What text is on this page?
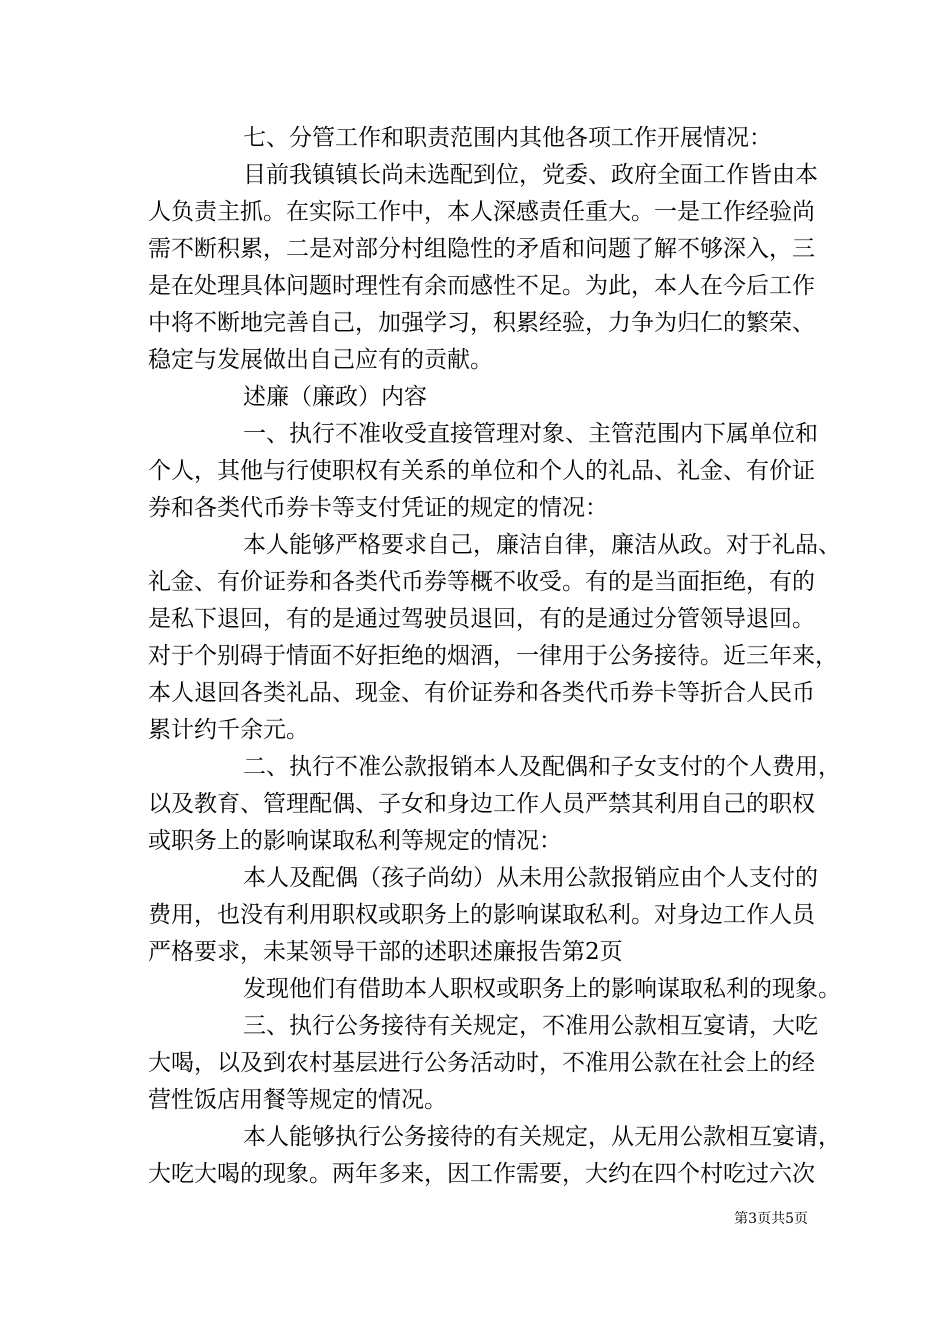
七、分管工作和职责范围内其他各项工作开展情况：
目前我镇镇长尚未选配到位，党委、政府全面工作皆由本
人负责主抓。在实际工作中，本人深感责任重大。一是工作经验尚
需不断积累，二是对部分村组隐性的矛盾和问题了解不够深入，三
是在处理具体问题时理性有余而感性不足。为此，本人在今后工作
中将不断地完善自己，加强学习，积累经验，力争为归仁的繁荣、
稳定与发展做出自己应有的贡献。
述廉（廉政）内容
一、执行不准收受直接管理对象、主管范围内下属单位和
个人，其他与行使职权有关系的单位和个人的礼品、礼金、有价证
券和各类代币券卡等支付凭证的规定的情况：
本人能够严格要求自己，廉洁自律，廉洁从政。对于礼品、
礼金、有价证券和各类代币券等概不收受。有的是当面拒绝，有的
是私下退回，有的是通过驾驶员退回，有的是通过分管领导退回。
对于个别碍于情面不好拒绝的烟酒，一律用于公务接待。近三年来，
本人退回各类礼品、现金、有价证券和各类代币券卡等折合人民币
累计约千余元。
二、执行不准公款报销本人及配偶和子女支付的个人费用，
以及教育、管理配偶、子女和身边工作人员严禁其利用自己的职权
或职务上的影响谋取私利等规定的情况：
本人及配偶（孩子尚幼）从未用公款报销应由个人支付的
费用，也没有利用职权或职务上的影响谋取私利。对身边工作人员
严格要求，未某领导干部的述职述廉报告第2页
发现他们有借助本人职权或职务上的影响谋取私利的现象。
三、执行公务接待有关规定，不准用公款相互宴请，大吃
大喝，以及到农村基层进行公务活动时，不准用公款在社会上的经
营性饭店用餐等规定的情况。
本人能够执行公务接待的有关规定，从无用公款相互宴请，
大吃大喝的现象。两年多来，因工作需要，大约在四个村吃过六次
第3页共5页
